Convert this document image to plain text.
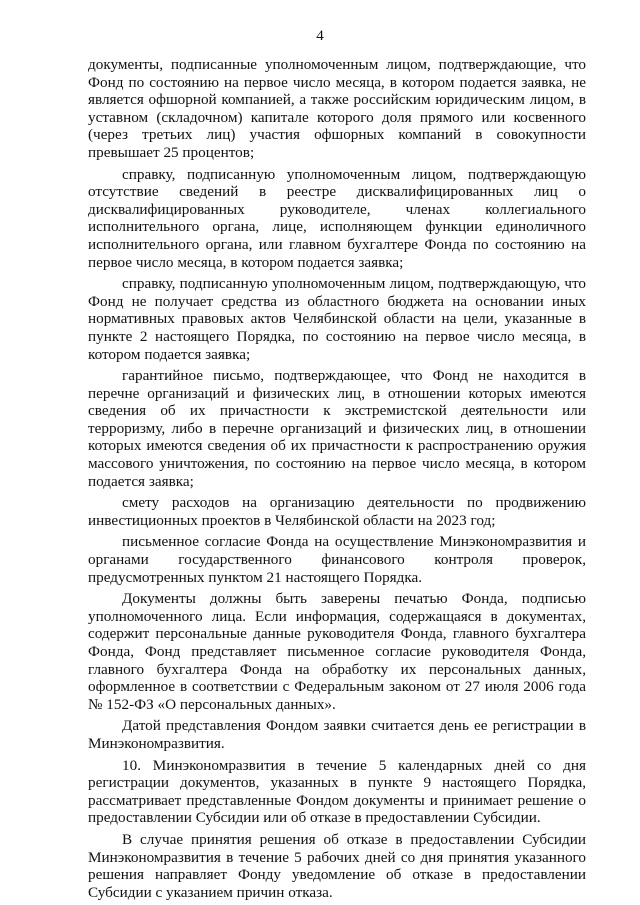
4

документы, подписанные уполномоченным лицом, подтверждающие, что Фонд по состоянию на первое число месяца, в котором подается заявка, не является офшорной компанией, а также российским юридическим лицом, в уставном (складочном) капитале которого доля прямого или косвенного (через третьих лиц) участия офшорных компаний в совокупности превышает 25 процентов;

справку, подписанную уполномоченным лицом, подтверждающую отсутствие сведений в реестре дисквалифицированных лиц о дисквалифицированных руководителе, членах коллегиального исполнительного органа, лице, исполняющем функции единоличного исполнительного органа, или главном бухгалтере Фонда по состоянию на первое число месяца, в котором подается заявка;

справку, подписанную уполномоченным лицом, подтверждающую, что Фонд не получает средства из областного бюджета на основании иных нормативных правовых актов Челябинской области на цели, указанные в пункте 2 настоящего Порядка, по состоянию на первое число месяца, в котором подается заявка;

гарантийное письмо, подтверждающее, что Фонд не находится в перечне организаций и физических лиц, в отношении которых имеются сведения об их причастности к экстремистской деятельности или терроризму, либо в перечне организаций и физических лиц, в отношении которых имеются сведения об их причастности к распространению оружия массового уничтожения, по состоянию на первое число месяца, в котором подается заявка;

смету расходов на организацию деятельности по продвижению инвестиционных проектов в Челябинской области на 2023 год;

письменное согласие Фонда на осуществление Минэкономразвития и органами государственного финансового контроля проверок, предусмотренных пунктом 21 настоящего Порядка.

Документы должны быть заверены печатью Фонда, подписью уполномоченного лица. Если информация, содержащаяся в документах, содержит персональные данные руководителя Фонда, главного бухгалтера Фонда, Фонд представляет письменное согласие руководителя Фонда, главного бухгалтера Фонда на обработку их персональных данных, оформленное в соответствии с Федеральным законом от 27 июля 2006 года № 152-ФЗ «О персональных данных».

Датой представления Фондом заявки считается день ее регистрации в Минэкономразвития.

10. Минэкономразвития в течение 5 календарных дней со дня регистрации документов, указанных в пункте 9 настоящего Порядка, рассматривает представленные Фондом документы и принимает решение о предоставлении Субсидии или об отказе в предоставлении Субсидии.

В случае принятия решения об отказе в предоставлении Субсидии Минэкономразвития в течение 5 рабочих дней со дня принятия указанного решения направляет Фонду уведомление об отказе в предоставлении Субсидии с указанием причин отказа.
